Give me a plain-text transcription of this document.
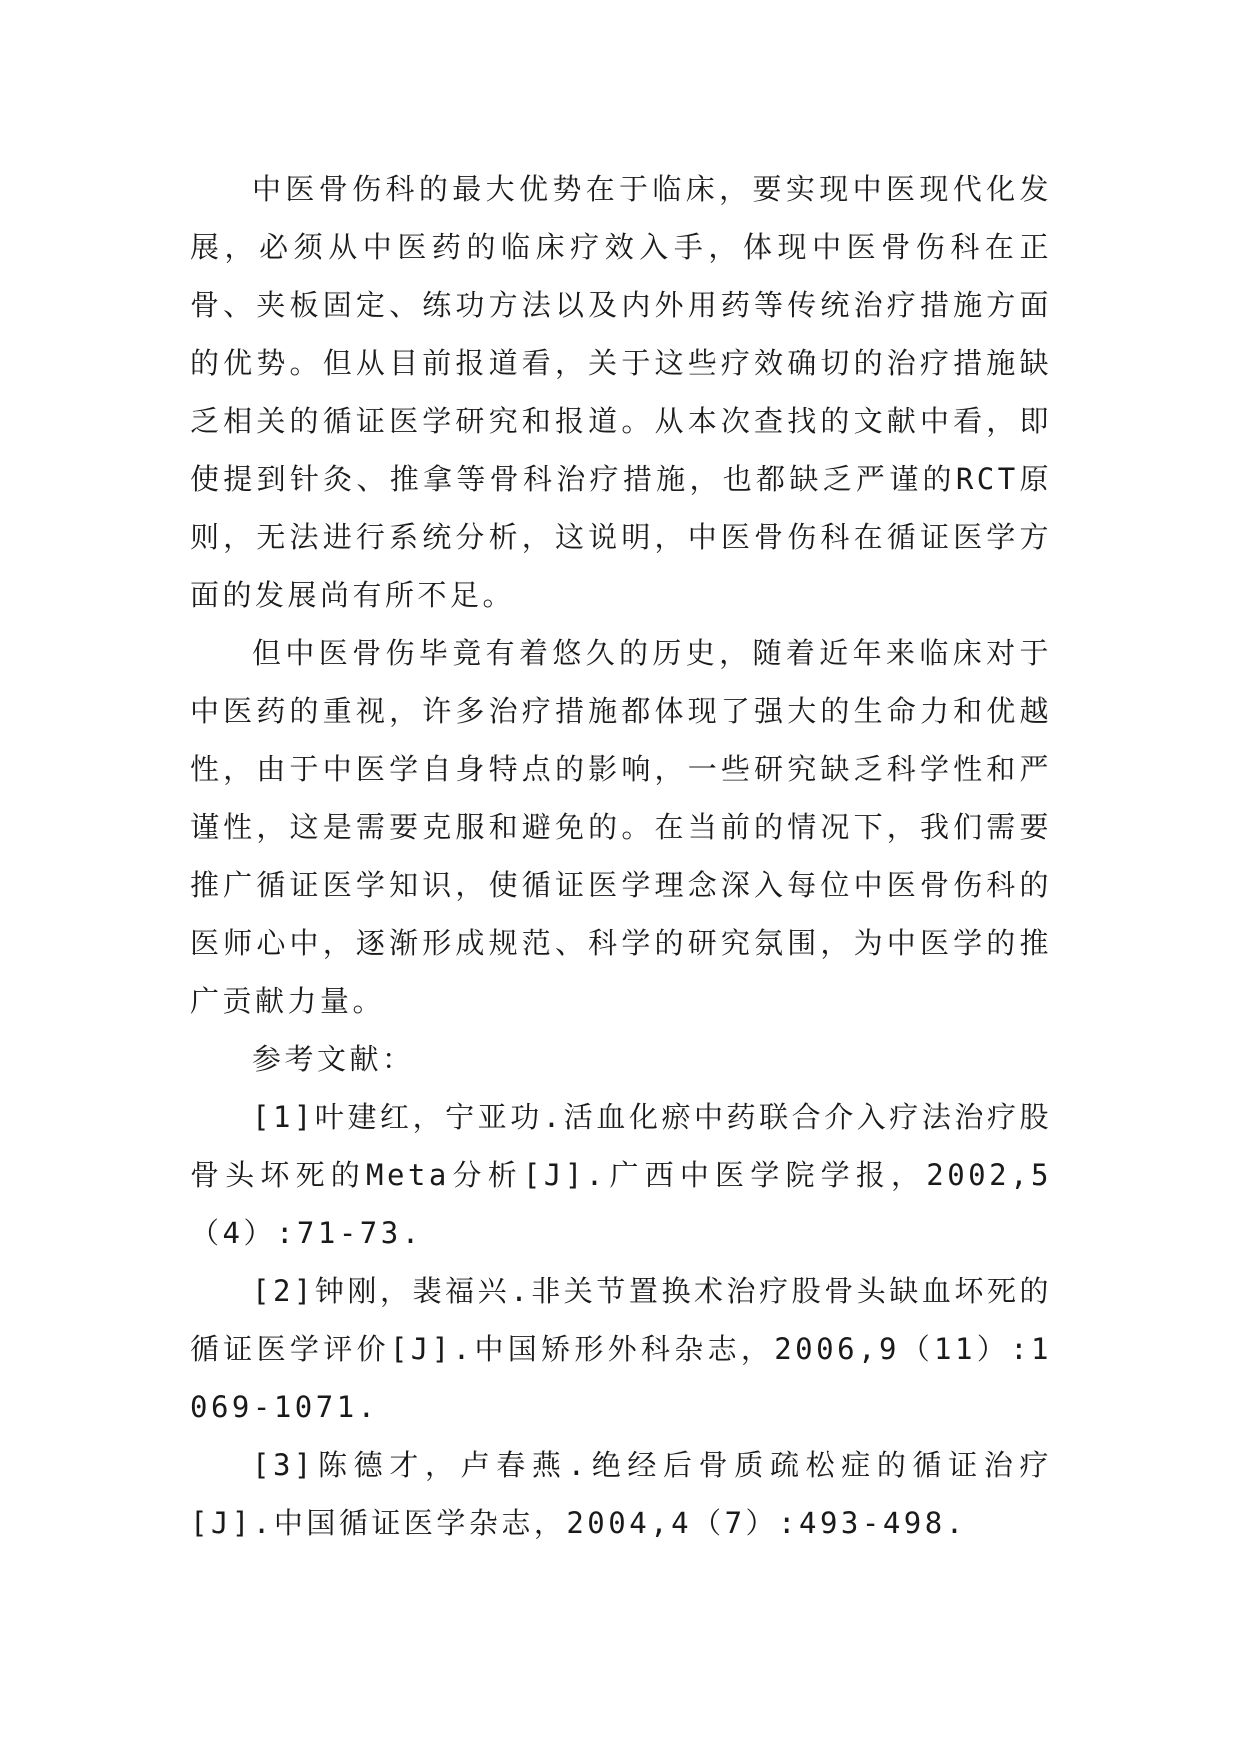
中医骨伤科的最大优势在于临床，要实现中医现代化发展，必须从中医药的临床疗效入手，体现中医骨伤科在正骨、夹板固定、练功方法以及内外用药等传统治疗措施方面的优势。但从目前报道看，关于这些疗效确切的治疗措施缺乏相关的循证医学研究和报道。从本次查找的文献中看，即使提到针灸、推拿等骨科治疗措施，也都缺乏严谨的RCT原则，无法进行系统分析，这说明，中医骨伤科在循证医学方面的发展尚有所不足。

但中医骨伤毕竟有着悠久的历史，随着近年来临床对于中医药的重视，许多治疗措施都体现了强大的生命力和优越性，由于中医学自身特点的影响，一些研究缺乏科学性和严谨性，这是需要克服和避免的。在当前的情况下，我们需要推广循证医学知识，使循证医学理念深入每位中医骨伤科的医师心中，逐渐形成规范、科学的研究氛围，为中医学的推广贡献力量。

参考文献：

[1]叶建红，宁亚功.活血化瘀中药联合介入疗法治疗股骨头坏死的Meta分析[J].广西中医学院学报，2002,5（4）:71-73.

[2]钟刚，裴福兴.非关节置换术治疗股骨头缺血坏死的循证医学评价[J].中国矫形外科杂志，2006,9（11）:1069-1071.

[3]陈德才，卢春燕.绝经后骨质疏松症的循证治疗[J].中国循证医学杂志，2004,4（7）:493-498.
